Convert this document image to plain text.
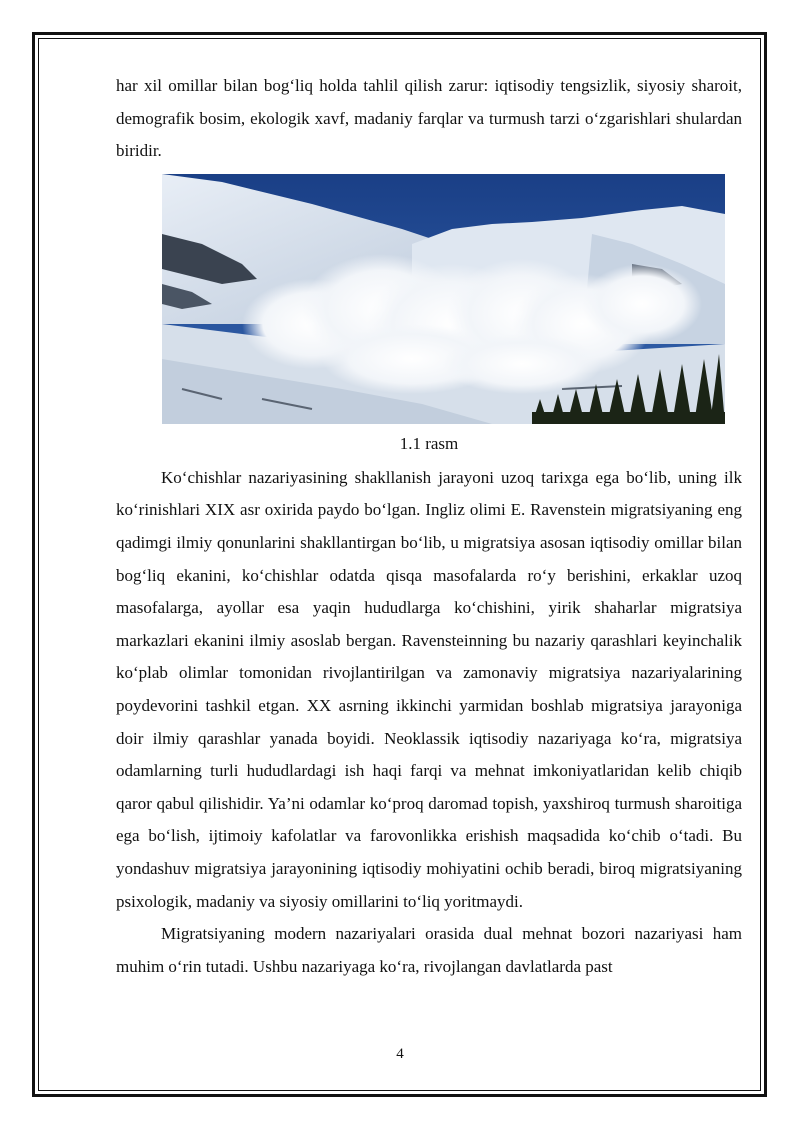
har xil omillar bilan bog‘liq holda tahlil qilish zarur: iqtisodiy tengsizlik, siyosiy sharoit, demografik bosim, ekologik xavf, madaniy farqlar va turmush tarzi o‘zgarishlari shulardan biridir.

1.1 rasm

Ko‘chishlar nazariyasining shakllanish jarayoni uzoq tarixga ega bo‘lib, uning ilk ko‘rinishlari XIX asr oxirida paydo bo‘lgan. Ingliz olimi E. Ravenstein migratsiyaning eng qadimgi ilmiy qonunlarini shakllantirgan bo‘lib, u migratsiya asosan iqtisodiy omillar bilan bog‘liq ekanini, ko‘chishlar odatda qisqa masofalarda ro‘y berishini, erkaklar uzoq masofalarga, ayollar esa yaqin hududlarga ko‘chishini, yirik shaharlar migratsiya markazlari ekanini ilmiy asoslab bergan. Ravensteinning bu nazariy qarashlari keyinchalik ko‘plab olimlar tomonidan rivojlantirilgan va zamonaviy migratsiya nazariyalarining poydevorini tashkil etgan. XX asrning ikkinchi yarmidan boshlab migratsiya jarayoniga doir ilmiy qarashlar yanada boyidi. Neoklassik iqtisodiy nazariyaga ko‘ra, migratsiya odamlarning turli hududlardagi ish haqi farqi va mehnat imkoniyatlaridan kelib chiqib qaror qabul qilishidir. Ya’ni odamlar ko‘proq daromad topish, yaxshiroq turmush sharoitiga ega bo‘lish, ijtimoiy kafolatlar va farovonlikka erishish maqsadida ko‘chib o‘tadi. Bu yondashuv migratsiya jarayonining iqtisodiy mohiyatini ochib beradi, biroq migratsiyaning psixologik, madaniy va siyosiy omillarini to‘liq yoritmaydi.

Migratsiyaning modern nazariyalari orasida dual mehnat bozori nazariyasi ham muhim o‘rin tutadi. Ushbu nazariyaga ko‘ra, rivojlangan davlatlarda past

4
